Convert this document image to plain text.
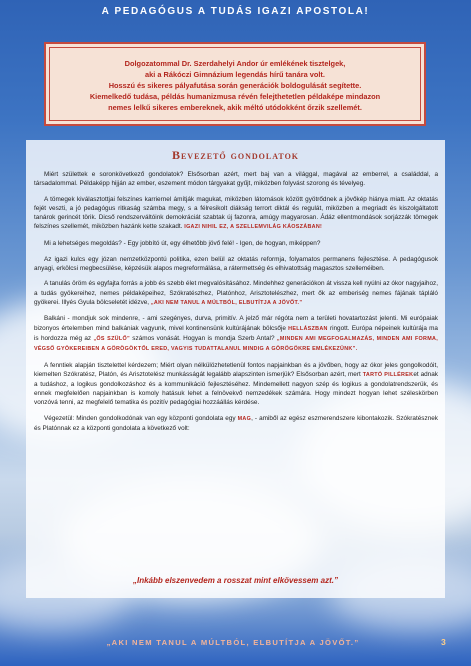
A PEDAGÓGUS A TUDÁS IGAZI APOSTOLA!
Dolgozatommal Dr. Szerdahelyi Andor úr emlékének tisztelgek,
aki a Rákóczi Gimnázium legendás hírű tanára volt.
Hosszú és sikeres pályafutása során generációk boldogulását segítette.
Kiemelkedő tudása, példás humanizmusa révén felejthetetlen példaképe mindazon
nemes lelkű sikeres embereknek, akik méltó utódokként őrzik szellemét.
Bevezető gondolatok

Miért születtek e soronkövetkező gondolatok? Elsősorban azért, mert baj van a világgal, magával az emberrel, a családdal, a társadalommal. Példaképp hijján az ember, eszement módon tárgyakat gyűjt, miközben folyvást szorong és tévelyeg.

A tömegek kiválasztottjai felszínes karriernel ámítják magukat, miközben látomások között gyötrődnek a jövőkép hiánya miatt. Az oktatás fejét veszti, a jó pedagógus ritkaság számba megy, s a félresikolt diákság terrort diktál és regulát, miközben a megriadt és kiszolgáltatott tanárok gerincét törik. Dicső rendszerváltóink demokráciát szabtak új fazonra, amúgy magyarosan. Ádáz ellentmondások sorjázzák tömegek felszínes szellemét, miközben hazánk kette szakadt. IGAZI NIHIL EZ, A SZELLEMVILÁG KÁOSZÁBAN!

Mi a lehetséges megoldás? - Egy jobbító út, egy élhetőbb jövő felé! - Igen, de hogyan, miképpen?

Az igazi kulcs egy józan nemzetközpontú politika, ezen belül az oktatás reformja, folyamatos permanens fejlesztése. A pedagógusok anyagi, erkölcsi megbecsülése, képzésük alapos megreformálása, a rátermettség és elhivatottság magasztos szelleméiben.

A tanulás öröm és egyfajta forrás a jobb és szebb élet megvalósításához. Mindehhez generációkon át vissza kell nyúlni az ókor nagyjaihoz, a tudás gyökereihez, nemes példaképeihez, Szókratészhez, Platónhoz, Arisztotelészhez, mert ők az emberiség nemes fájának tápláló gyökerei. Illyés Gyula bölcseletét idézve, „AKI NEM TANUL A MÚLTBÓL, ELBUTÍTJA A JÖVŐT.”

Balkáni - mondjuk sok mindenre, - ami szegényes, durva, primitív. A jelző már régóta nem a területi hovatartozást jelenti. Mi európaiak bizonyos értelemben mind balkániak vagyunk, mivel kontinensünk kultúrájának bölcsője HELLÁSZBAN ringott. Európa népeinek kultúrája ma is hordozza még az „ŐS SZÜLŐ” számos vonását. Hogyan is mondja Szerb Antal? „MINDEN AMI MEGFOGALMAZÁS, MINDEN AMI FORMA, VÉGSŐ GYÖKEREIBEN A GÖRÖGÖKTŐL ERED, VAGYIS TUDATTALANUL MINDIG A GÖRÖGÖKRE EMLÉKEZÜNK”.

A fenntiek alapján tisztelettel kérdezem; Miért olyan nélkülözhetetlenül fontos napjainkban és a jövőben, hogy az ókor jeles gongolkodóit, kiemelten Szókratész, Platón, és Arisztotelész munkásságát legalább alapszinten ismerjük? Elsősorban azért, mert TARTÓ PILLÉREKet adnak a tudáshoz, a logikus gondolkozáshoz és a kommunikáció fejlesztéséhez. Mindemellett nagyon szép és logikus a gondolatrendszerük, és ennek megfelelően napjainkban is komoly hatásuk lehet a felnövekvő nemzedékek számára. Hogy mindezt hogyan lehet széleskörben vonzóvá tenni, az megfelelő tematika és pozitív pedagógiai hozzáállás kérdése.

Végezetül: Minden gondolkodónak van egy központi gondolata egy MAG, - amiből az egész eszmerendszere kibontakozik. Szókratésznek és Platónnak ez a központi gondolata a következő volt:

„Inkább elszenvedem a rosszat mint elkövessem azt.”
„AKI NEM TANUL A MÚLTBÓL, ELBUTÍTJA A JÖVŐT.”	3
